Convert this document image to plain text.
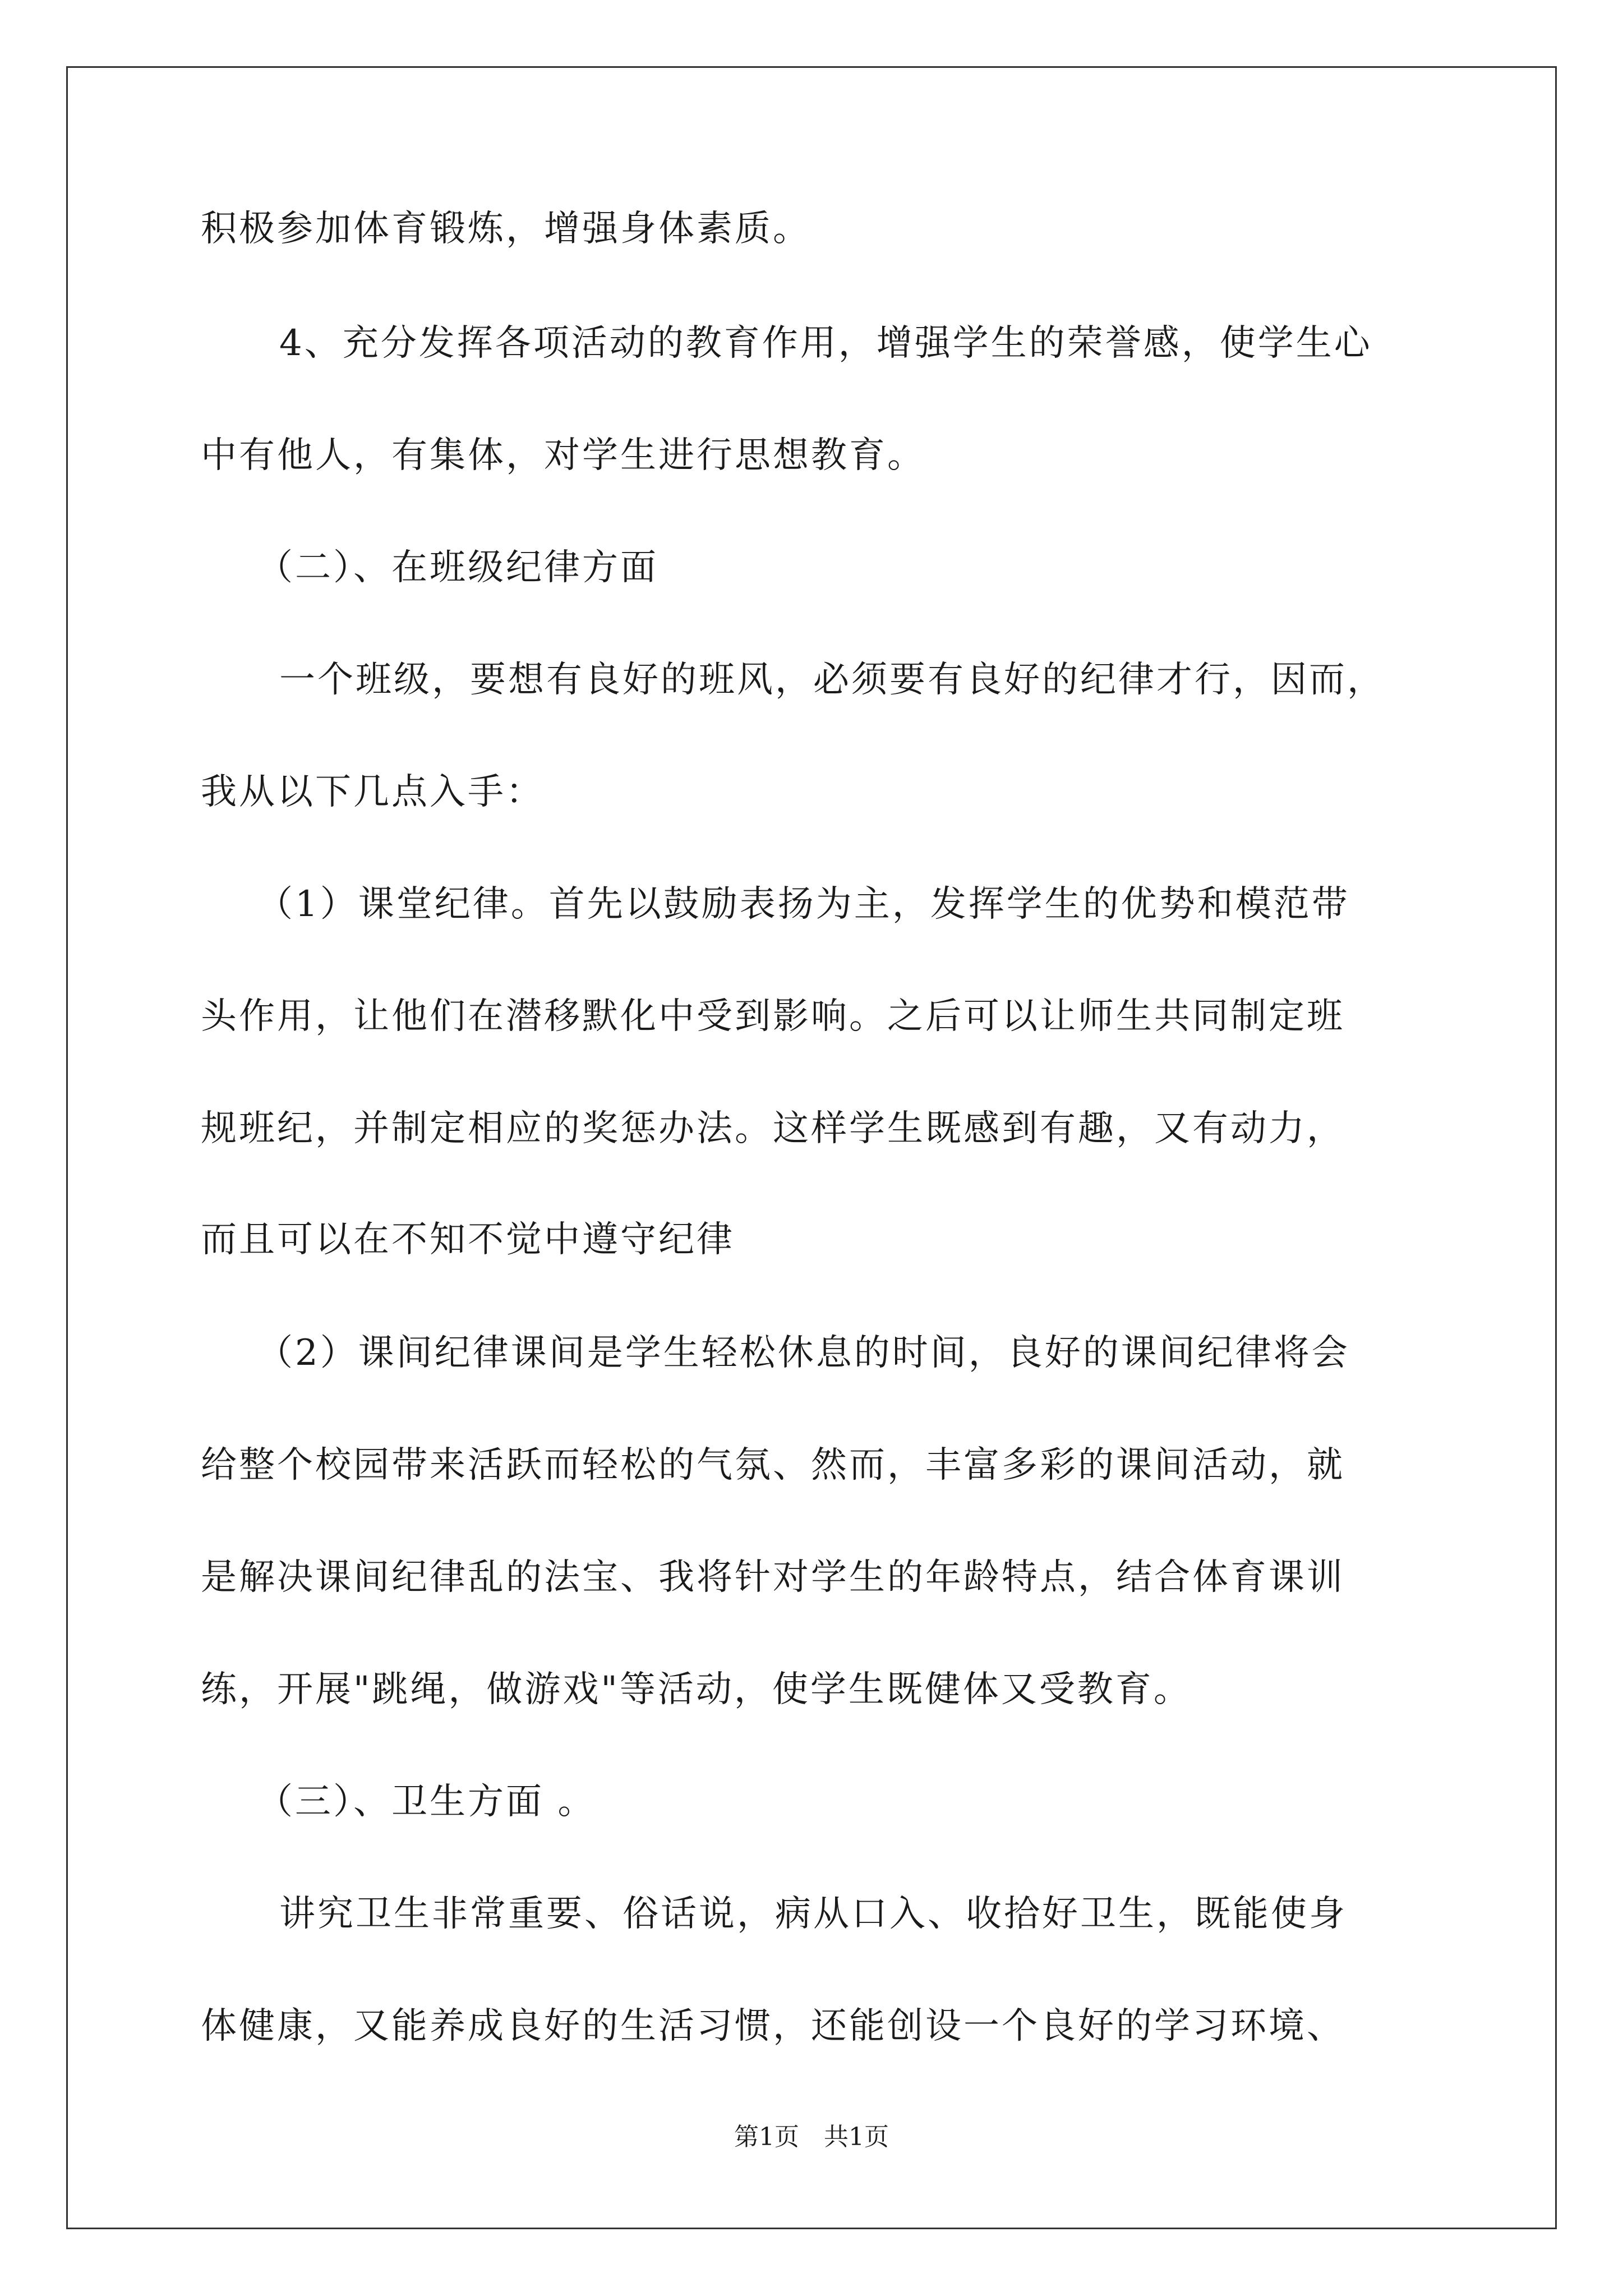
积极参加体育锻炼，增强身体素质。
4、充分发挥各项活动的教育作用，增强学生的荣誉感，使学生心
中有他人，有集体，对学生进行思想教育。
（二）、在班级纪律方面
一个班级，要想有良好的班风，必须要有良好的纪律才行，因而，
我从以下几点入手：
（1）课堂纪律。首先以鼓励表扬为主，发挥学生的优势和模范带
头作用，让他们在潜移默化中受到影响。之后可以让师生共同制定班
规班纪，并制定相应的奖惩办法。这样学生既感到有趣，又有动力，
而且可以在不知不觉中遵守纪律
（2）课间纪律课间是学生轻松休息的时间，良好的课间纪律将会
给整个校园带来活跃而轻松的气氛、然而，丰富多彩的课间活动，就
是解决课间纪律乱的法宝、我将针对学生的年龄特点，结合体育课训
练，开展"跳绳，做游戏"等活动，使学生既健体又受教育。
（三）、卫生方面 。
讲究卫生非常重要、俗话说，病从口入、收拾好卫生，既能使身
体健康，又能养成良好的生活习惯，还能创设一个良好的学习环境、
第1页　共1页
